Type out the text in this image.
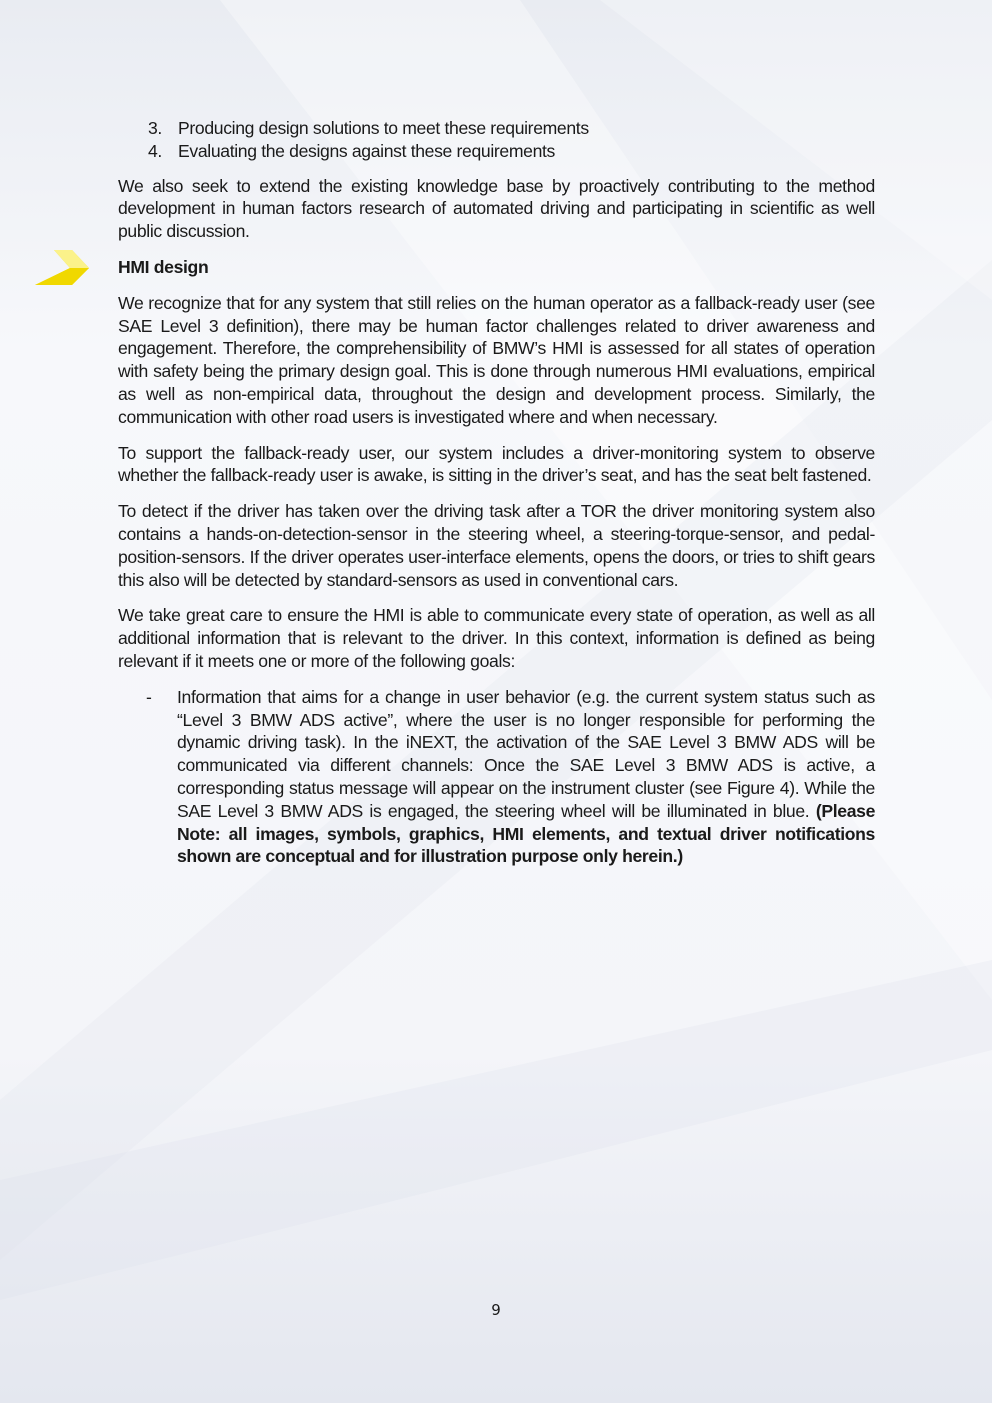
3. Producing design solutions to meet these requirements
4. Evaluating the designs against these requirements

We also seek to extend the existing knowledge base by proactively contributing to the method development in human factors research of automated driving and participating in scientific as well public discussion.

HMI design

We recognize that for any system that still relies on the human operator as a fallback-ready user (see SAE Level 3 definition), there may be human factor challenges related to driver awareness and engagement. Therefore, the comprehensibility of BMW’s HMI is assessed for all states of operation with safety being the primary design goal. This is done through numerous HMI evaluations, empirical as well as non-empirical data, throughout the design and development process. Similarly, the communication with other road users is investigated where and when necessary.

To support the fallback-ready user, our system includes a driver-monitoring system to observe whether the fallback-ready user is awake, is sitting in the driver’s seat, and has the seat belt fastened.

To detect if the driver has taken over the driving task after a TOR the driver monitoring system also contains a hands-on-detection-sensor in the steering wheel, a steering-torque-sensor, and pedal-position-sensors. If the driver operates user-interface elements, opens the doors, or tries to shift gears this also will be detected by standard-sensors as used in conventional cars.

We take great care to ensure the HMI is able to communicate every state of operation, as well as all additional information that is relevant to the driver. In this context, information is defined as being relevant if it meets one or more of the following goals:

- Information that aims for a change in user behavior (e.g. the current system status such as “Level 3 BMW ADS active”, where the user is no longer responsible for performing the dynamic driving task). In the iNEXT, the activation of the SAE Level 3 BMW ADS will be communicated via different channels: Once the SAE Level 3 BMW ADS is active, a corresponding status message will appear on the instrument cluster (see Figure 4). While the SAE Level 3 BMW ADS is engaged, the steering wheel will be illuminated in blue. (Please Note: all images, symbols, graphics, HMI elements, and textual driver notifications shown are conceptual and for illustration purpose only herein.)
9
